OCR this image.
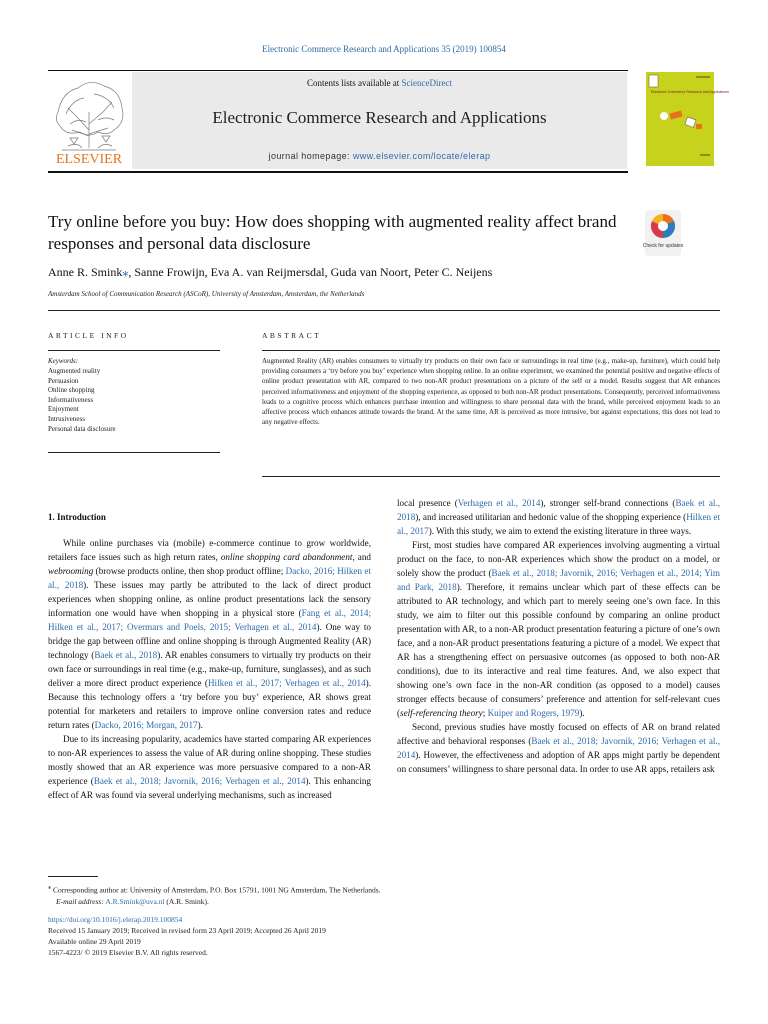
Electronic Commerce Research and Applications 35 (2019) 100854
ELSEVIER
Contents lists available at ScienceDirect
Electronic Commerce Research and Applications
journal homepage: www.elsevier.com/locate/elerap
Electronic Commerce Research and Applications
Try online before you buy: How does shopping with augmented reality affect brand responses and personal data disclosure	Check for updates
Anne R. Smink⁎, Sanne Frowijn, Eva A. van Reijmersdal, Guda van Noort, Peter C. Neijens
Amsterdam School of Communication Research (ASCoR), University of Amsterdam, Amsterdam, the Netherlands
ARTICLE INFO	ABSTRACT
Keywords:
Augmented reality
Persuasion
Online shopping
Informativeness
Enjoyment
Intrusiveness
Personal data disclosure
Augmented Reality (AR) enables consumers to virtually try products on their own face or surroundings in real time (e.g., make-up, furniture), which could help providing consumers a ‘try before you buy’ experience when shopping online. In an online experiment, we examined the potential positive and negative effects of online product presentation with AR, compared to two non-AR product presentations on a picture of the self or a model. Results suggest that AR enhances perceived informativeness and enjoyment of the shopping experience, as opposed to both non-AR product presentations. Consequently, perceived informativeness leads to a cognitive process which enhances purchase intention and willingness to share personal data with the brand, while perceived enjoyment leads to an affective process which enhances attitude towards the brand. At the same time, AR is perceived as more intrusive, but against expectations, this does not lead to any negative effects.

1. Introduction

While online purchases via (mobile) e-commerce continue to grow worldwide, retailers face issues such as high return rates, online shopping card abandonment, and webrooming (browse products online, then shop product offline; Dacko, 2016; Hilken et al., 2018). These issues may partly be attributed to the lack of direct product experiences when shopping online, as online product presentations lack the sensory information one would have when shopping in a physical store (Fang et al., 2014; Hilken et al., 2017; Overmars and Poels, 2015; Verhagen et al., 2014). One way to bridge the gap between offline and online shopping is through Augmented Reality (AR) technology (Baek et al., 2018). AR enables consumers to virtually try products on their own face or surroundings in real time (e.g., make-up, furniture, sunglasses), and as such deliver a more direct product experience (Hilken et al., 2017; Verhagen et al., 2014). Because this technology offers a ‘try before you buy’ experience, AR shows great potential for marketers and retailers to improve online conversion rates and reduce return rates (Dacko, 2016; Morgan, 2017).

Due to its increasing popularity, academics have started comparing AR experiences to non-AR experiences to assess the value of AR during online shopping. These studies mostly showed that an AR experience was more persuasive compared to a non-AR experience (Baek et al., 2018; Javornik, 2016; Verhagen et al., 2014). This enhancing effect of AR was found via several underlying mechanisms, such as increased

local presence (Verhagen et al., 2014), stronger self-brand connections (Baek et al., 2018), and increased utilitarian and hedonic value of the shopping experience (Hilken et al., 2017). With this study, we aim to extend the existing literature in three ways.

First, most studies have compared AR experiences involving augmenting a virtual product on the face, to non-AR experiences which show the product on a model, or solely show the product (Baek et al., 2018; Javornik, 2016; Verhagen et al., 2014; Yim and Park, 2018). Therefore, it remains unclear which part of these effects can be attributed to AR technology, and which part to merely seeing one’s own face. In this study, we aim to filter out this possible confound by comparing an online product presentation with AR, to a non-AR product presentation featuring a picture of one’s own face, and a non-AR product presentations featuring a picture of a model. We expect that AR has a strengthening effect on persuasive outcomes (as opposed to both non-AR conditions), due to its interactive and real time features. And, we also expect that showing one’s own face in the non-AR condition (as opposed to a model) causes stronger effects because of consumers’ preference and attention for self-relevant cues (self-referencing theory; Kuiper and Rogers, 1979).

Second, previous studies have mostly focused on effects of AR on brand related affective and behavioral responses (Baek et al., 2018; Javornik, 2016; Verhagen et al., 2014). However, the effectiveness and adoption of AR apps might partly be dependent on consumers’ willingness to share personal data. In order to use AR apps, retailers ask

⁎ Corresponding author at: University of Amsterdam, P.O. Box 15791, 1001 NG Amsterdam, The Netherlands.
E-mail address: A.R.Smink@uva.nl (A.R. Smink).
https://doi.org/10.1016/j.elerap.2019.100854
Received 15 January 2019; Received in revised form 23 April 2019; Accepted 26 April 2019
Available online 29 April 2019
1567-4223/ © 2019 Elsevier B.V. All rights reserved.
